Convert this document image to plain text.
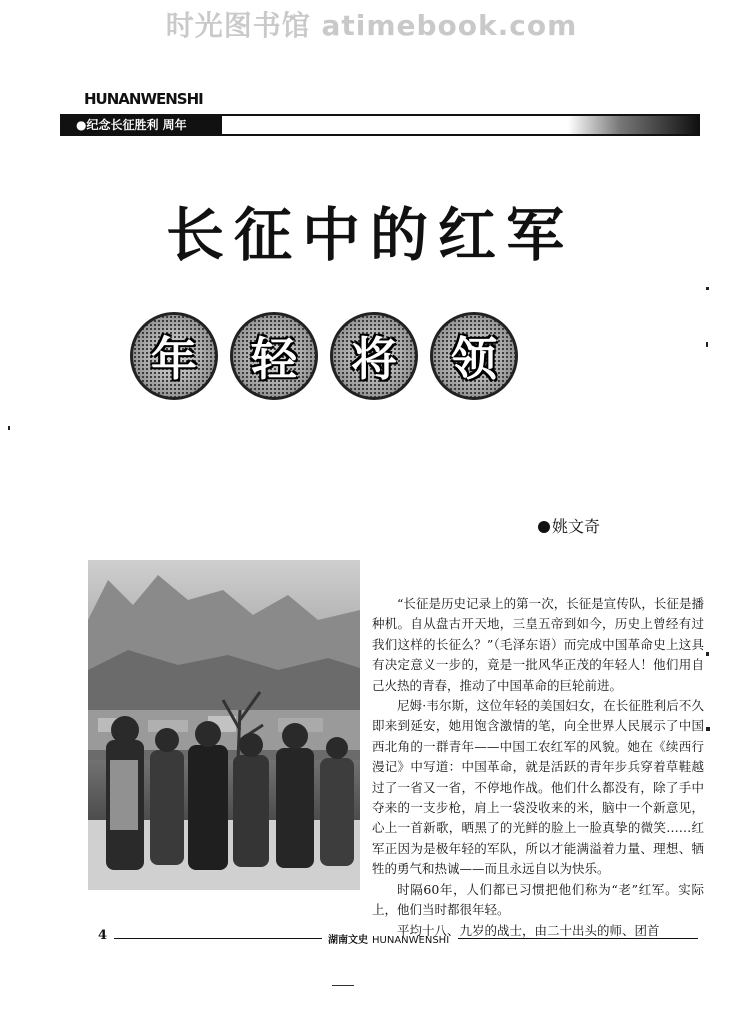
时光图书馆 atimebook.com
HUNANWENSHI
●纪念长征胜利 周年
长征中的红军
年	轻	将	领
姚文奇

“长征是历史记录上的第一次，长征是宣传队，长征是播种机。自从盘古开天地，三皇五帝到如今，历史上曾经有过我们这样的长征么？”（毛泽东语）而完成中国革命史上这具有决定意义一步的，竟是一批风华正茂的年轻人！他们用自己火热的青春，推动了中国革命的巨轮前进。

尼姆·韦尔斯，这位年轻的美国妇女，在长征胜利后不久即来到延安，她用饱含激情的笔，向全世界人民展示了中国西北角的一群青年——中国工农红军的风貌。她在《续西行漫记》中写道：中国革命，就是活跃的青年步兵穿着草鞋越过了一省又一省，不停地作战。他们什么都没有，除了手中夺来的一支步枪，肩上一袋没收来的米，脑中一个新意见，心上一首新歌，晒黑了的光鲜的脸上一脸真挚的微笑……红军正因为是极年轻的军队，所以才能满溢着力量、理想、牺牲的勇气和热诚——而且永远自以为快乐。

时隔60年，人们都已习惯把他们称为“老”红军。实际上，他们当时都很年轻。

平均十八、九岁的战士，由二十出头的师、团首

4	湖南文史 HUNANWENSHI
